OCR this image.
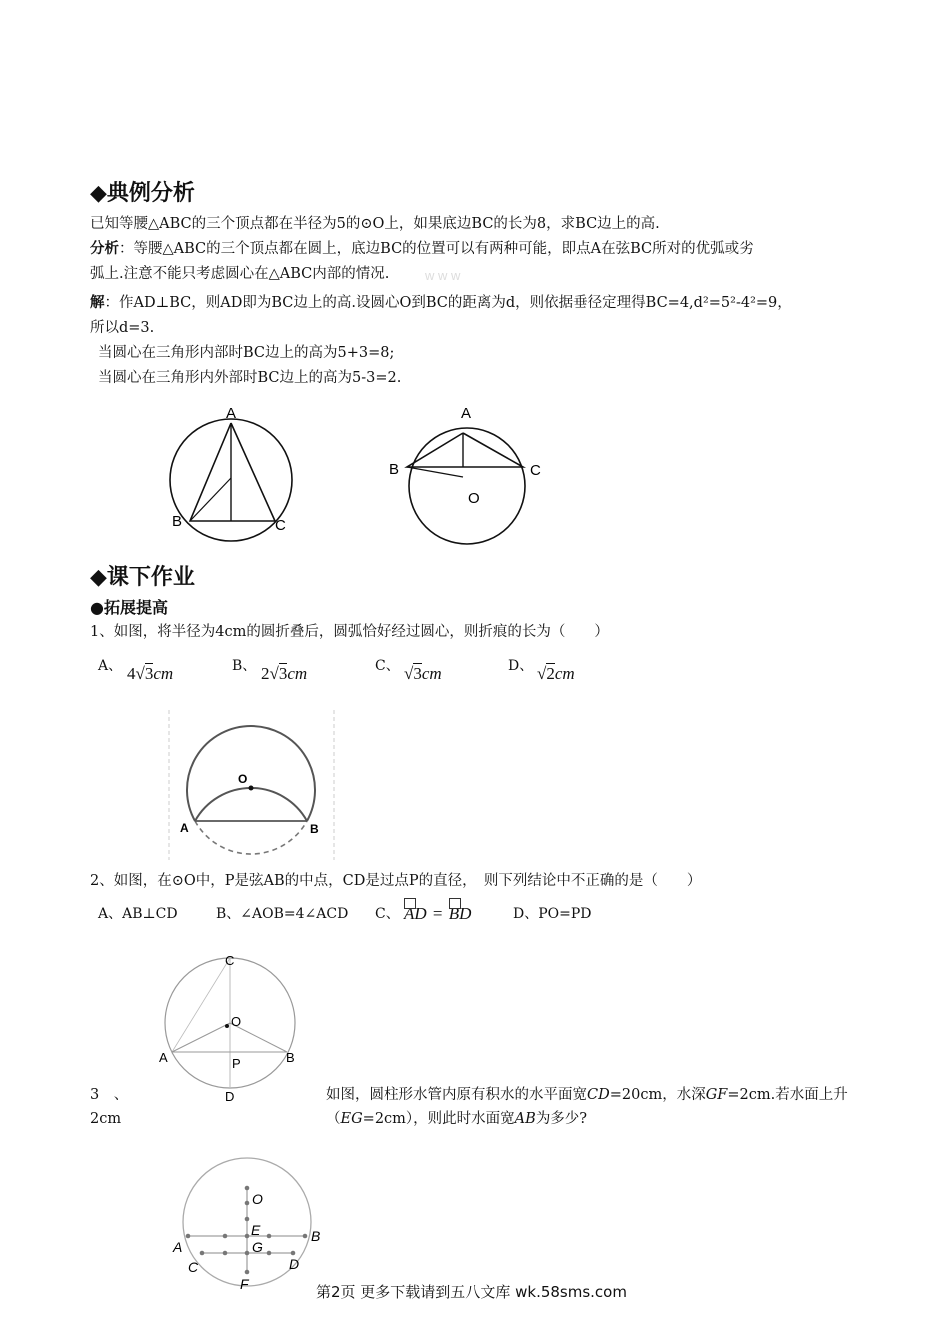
◆典例分析
已知等腰△ABC的三个顶点都在半径为5的⊙O上，如果底边BC的长为8，求BC边上的高.
分析：等腰△ABC的三个顶点都在圆上，底边BC的位置可以有两种可能，即点A在弦BC所对的优弧或劣
弧上.注意不能只考虑圆心在△ABC内部的情况.	w w w
解：作AD⊥BC，则AD即为BC边上的高.设圆心O到BC的距离为d，则依据垂径定理得BC=4,d²=5²-4²=9，
所以d=3.
当圆心在三角形内部时BC边上的高为5+3=8;
当圆心在三角形内外部时BC边上的高为5-3=2.
A
B	C
A
B	C
O
◆课下作业
●拓展提高
1、如图，将半径为4cm的圆折叠后，圆弧恰好经过圆心，则折痕的长为（　　）
A、 4√3cm	B、 2√3cm	C、 √3cm	D、 √2cm
O
A	B
2、如图，在⊙O中，P是弦AB的中点，CD是过点P的直径，　则下列结论中不正确的是（　　）
A、AB⊥CD	B、∠AOB=4∠ACD C、 AD = BD	D、PO=PD
C
O
A	B
P
D
3　、	如图，圆柱形水管内原有积水的水平面宽CD=20cm，水深GF=2cm.若水面上升
2cm	（EG=2cm），则此时水面宽AB为多少?
O
E
A
B
G
C	D
F	第2页 更多下载请到五八文库 wk.58sms.com
